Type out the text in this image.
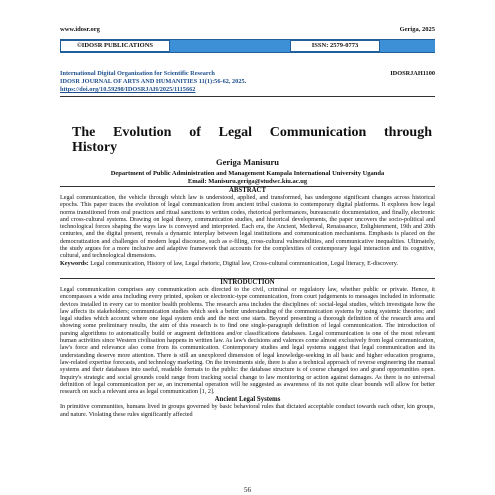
www.idosr.org	Geriga, 2025
©IDOSR PUBLICATIONS	ISSN: 2579-0773
International Digital Organization for Scientific Research
IDOSR JOURNAL OF ARTS AND HUMANITIES 11(1):56-62, 2025.
https://doi.org/10.59298/IDOSRJAH/2025/1115662
IDOSRJAH1100
The Evolution of Legal Communication through
History
Geriga Manisuru
Department of Public Administration and Management Kampala International University Uganda
Email: Manisuru.geriga@studwc.kiu.ac.ug
ABSTRACT
Legal communication, the vehicle through which law is understood, applied, and transformed, has undergone significant changes across historical epochs. This paper traces the evolution of legal communication from ancient tribal customs to contemporary digital platforms. It explores how legal norms transitioned from oral practices and ritual sanctions to written codes, rhetorical performances, bureaucratic documentation, and finally, electronic and cross-cultural systems. Drawing on legal theory, communication studies, and historical developments, the paper uncovers the socio-political and technological forces shaping the ways law is conveyed and interpreted. Each era, the Ancient, Medieval, Renaissance, Enlightenment, 19th and 20th centuries, and the digital present, reveals a dynamic interplay between legal institutions and communication mechanisms. Emphasis is placed on the democratization and challenges of modern legal discourse, such as e-filing, cross-cultural vulnerabilities, and communicative inequalities. Ultimately, the study argues for a more inclusive and adaptive framework that accounts for the complexities of contemporary legal interaction and its cognitive, cultural, and technological dimensions.
Keywords: Legal communication, History of law, Legal rhetoric, Digital law, Cross-cultural communication, Legal literacy, E-discovery.
INTRODUCTION
Legal communication comprises any communication acts directed to the civil, criminal or regulatory law, whether public or private. Hence, it encompasses a wide area including every printed, spoken or electronic-type communication, from court judgements to messages included in informatic devices installed in every car to monitor health problems. The research area includes the disciplines of: social-legal studies, which investigate how the law affects its stakeholders; communication studies which seek a better understanding of the communication systems by using systemic theories; and legal studies which account where one legal system ends and the next one starts. Beyond presenting a thorough definition of the research area and showing some preliminary results, the aim of this research is to find one single-paragraph definition of legal communication. The introduction of parsing algorithms to automatically build or augment definitions and/or classifications databases. Legal communication is one of the most relevant human activities since Western civilisation happens in written law. As law's decisions and valences come almost exclusively from legal communication, law's force and relevance also come from its communication. Contemporary studies and legal systems suggest that legal communication and its understanding deserve more attention. There is still an unexplored dimension of legal knowledge-seeking in all basic and higher education programs, law-related expertise forecasts, and technology marketing. On the investments side, there is also a technical approach of reverse engineering the manual systems and their databases into useful, readable formats to the public: the database structure is of course changed too and grand opportunities open. Inquiry's strategic and social grounds could range from tracking social change to law monitoring or action against damages. As there is no universal definition of legal communication per se, an incremental operation will be suggested as awareness of its not quite clear bounds will allow for better research on such a relevant area as legal communication [1, 2].
Ancient Legal Systems
In primitive communities, humans lived in groups governed by basic behavioral rules that dictated acceptable conduct towards each other, kin groups, and nature. Violating these rules significantly affected
56
